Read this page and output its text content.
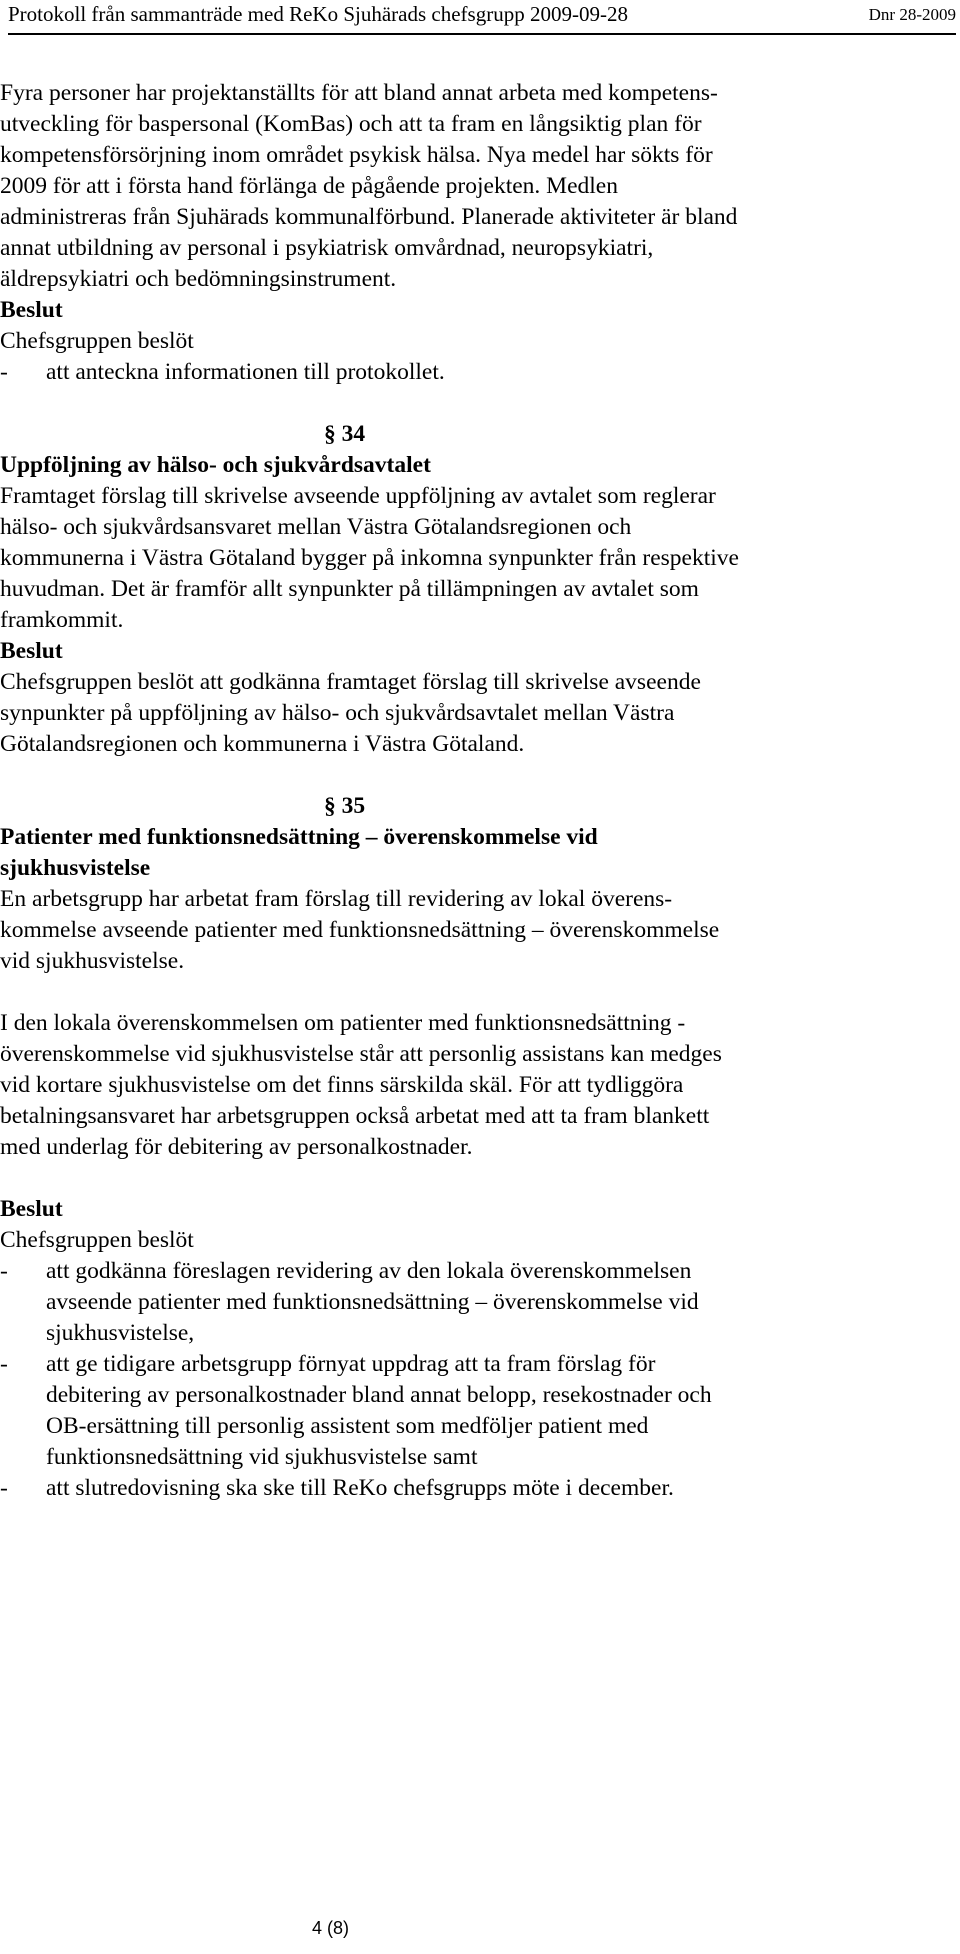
Protokoll från sammanträde med ReKo Sjuhärads chefsgrupp 2009-09-28	Dnr 28-2009

Fyra personer har projektanställts för att bland annat arbeta med kompetens-

utveckling för baspersonal (KomBas) och att ta fram en långsiktig plan för

kompetensförsörjning inom området psykisk hälsa. Nya medel har sökts för

2009 för att i första hand förlänga de pågående projekten. Medlen

administreras från Sjuhärads kommunalförbund. Planerade aktiviteter är bland

annat utbildning av personal i psykiatrisk omvårdnad, neuropsykiatri,

äldrepsykiatri och bedömningsinstrument.

Beslut

Chefsgruppen beslöt

- att anteckna informationen till protokollet.

§ 34

Uppföljning av hälso- och sjukvårdsavtalet

Framtaget förslag till skrivelse avseende uppföljning av avtalet som reglerar

hälso- och sjukvårdsansvaret mellan Västra Götalandsregionen och

kommunerna i Västra Götaland bygger på inkomna synpunkter från respektive

huvudman. Det är framför allt synpunkter på tillämpningen av avtalet som

framkommit.

Beslut

Chefsgruppen beslöt att godkänna framtaget förslag till skrivelse avseende

synpunkter på uppföljning av hälso- och sjukvårdsavtalet mellan Västra

Götalandsregionen och kommunerna i Västra Götaland.

§ 35

Patienter med funktionsnedsättning – överenskommelse vid

sjukhusvistelse

En arbetsgrupp har arbetat fram förslag till revidering av lokal överens-

kommelse avseende patienter med funktionsnedsättning – överenskommelse

vid sjukhusvistelse.

I den lokala överenskommelsen om patienter med funktionsnedsättning -

överenskommelse vid sjukhusvistelse står att personlig assistans kan medges

vid kortare sjukhusvistelse om det finns särskilda skäl. För att tydliggöra

betalningsansvaret har arbetsgruppen också arbetat med att ta fram blankett

med underlag för debitering av personalkostnader.

Beslut

Chefsgruppen beslöt

- att godkänna föreslagen revidering av den lokala överenskommelsen
avseende patienter med funktionsnedsättning – överenskommelse vid
sjukhusvistelse,
- att ge tidigare arbetsgrupp förnyat uppdrag att ta fram förslag för
debitering av personalkostnader bland annat belopp, resekostnader och
OB-ersättning till personlig assistent som medföljer patient med
funktionsnedsättning vid sjukhusvistelse samt
- att slutredovisning ska ske till ReKo chefsgrupps möte i december.
4 (8)
